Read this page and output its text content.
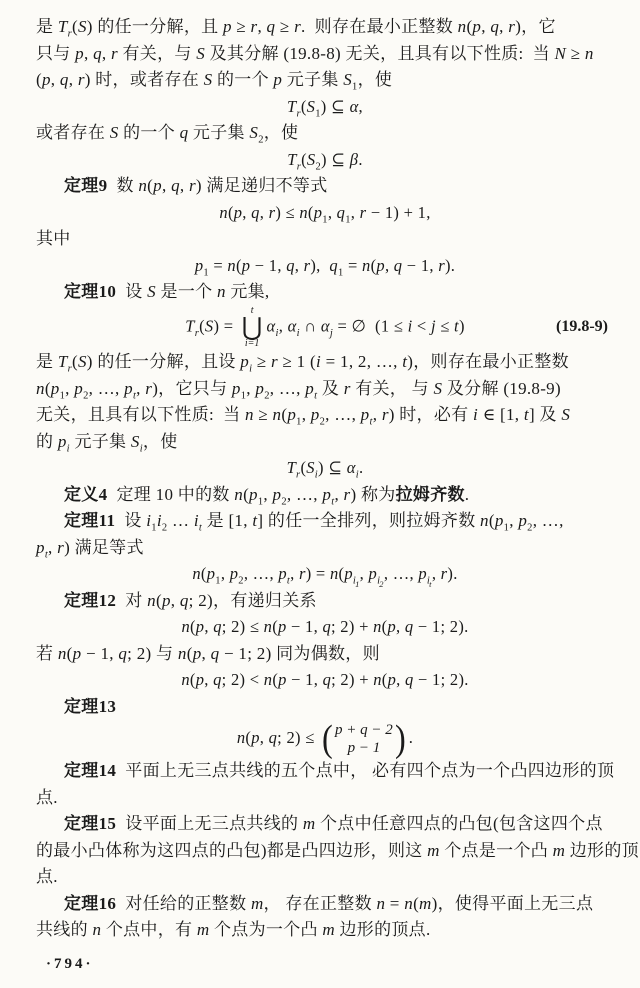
是 $T_r(S)$ 的任一分解，且 p ≥ r, q ≥ r.  则存在最小正整数 n(p, q, r)，它
只与 p, q, r 有关，与 S 及其分解 (19.8-8) 无关，且具有以下性质:  当 N ≥ n
(p, q, r) 时，或者存在 S 的一个 p 元子集 $S_1$，使
$T_r(S_1)$ ⊆ α,
或者存在 S 的一个 q 元子集 $S_2$，使
$T_r(S_2)$ ⊆ β.
定理9  数 n(p, q, r) 满足递归不等式
n(p, q, $r) \le n(p_1$, $q_1$, r − 1) + 1,
其中
$p_1 = n(p - 1$, q, r),  $q_1 = n(p$, q − 1, r).
定理10  设 S 是一个 n 元集,
$T_r(S)$ =
t
⋃
i=1
$\alpha_i$, $\alpha_i$ ∩ $\alpha_j$ = ∅  (1 ≤ i < j ≤ t)	(19.8-9)
是 $T_r(S)$ 的任一分解，且设 $p_i \ge r \ge 1$ (i = 1, 2, …, t)，则存在最小正整数
$n(p_1$, $p_2$, …, $p_t$, r)，它只与 $p_1$, $p_2$, …, $p_t$ 及 r 有关， 与 S 及分解 (19.8-9)
无关，且具有以下性质:  当 $n \ge n(p_1$, $p_2$, …, $p_t$, r) 时，必有 i ∈ [1, t] 及 S
的 $p_i$ 元子集 $S_i$，使
$T_r(S_i)$ ⊆ $\alpha_i$.
定义4  定理 10 中的数 $n(p_1$, $p_2$, …, $p_t$, r) 称为拉姆齐数.
定理11  设 $i_1i_2$ … $i_t$ 是 [1, t] 的任一全排列，则拉姆齐数 $n(p_1$, $p_2$, …,
$p_t$, r) 满足等式
$n(p_1$, $p_2$, …, $p_t$, $r) = n(p_{i1}$, $p_{i2}$, …, $p_{it}$, r).
定理12  对 n(p, q; 2)，有递归关系
n(p, q; 2) ≤ n(p − 1, q; 2) + n(p, q − 1; 2).
若 n(p − 1, q; 2) 与 n(p, q − 1; 2) 同为偶数，则
n(p, q; 2) < n(p − 1, q; 2) + n(p, q − 1; 2).
定理13
n(p, q; 2) ≤ ( p + q − 2
p − 1 ) .
定理14  平面上无三点共线的五个点中， 必有四个点为一个凸四边形的顶
点.
定理15  设平面上无三点共线的 m 个点中任意四点的凸包(包含这四个点
的最小凸体称为这四点的凸包)都是凸四边形，则这 m 个点是一个凸 m 边形的顶
点.
定理16  对任给的正整数 m， 存在正整数 n = n(m)，使得平面上无三点
共线的 n 个点中，有 m 个点为一个凸 m 边形的顶点.
·794·
